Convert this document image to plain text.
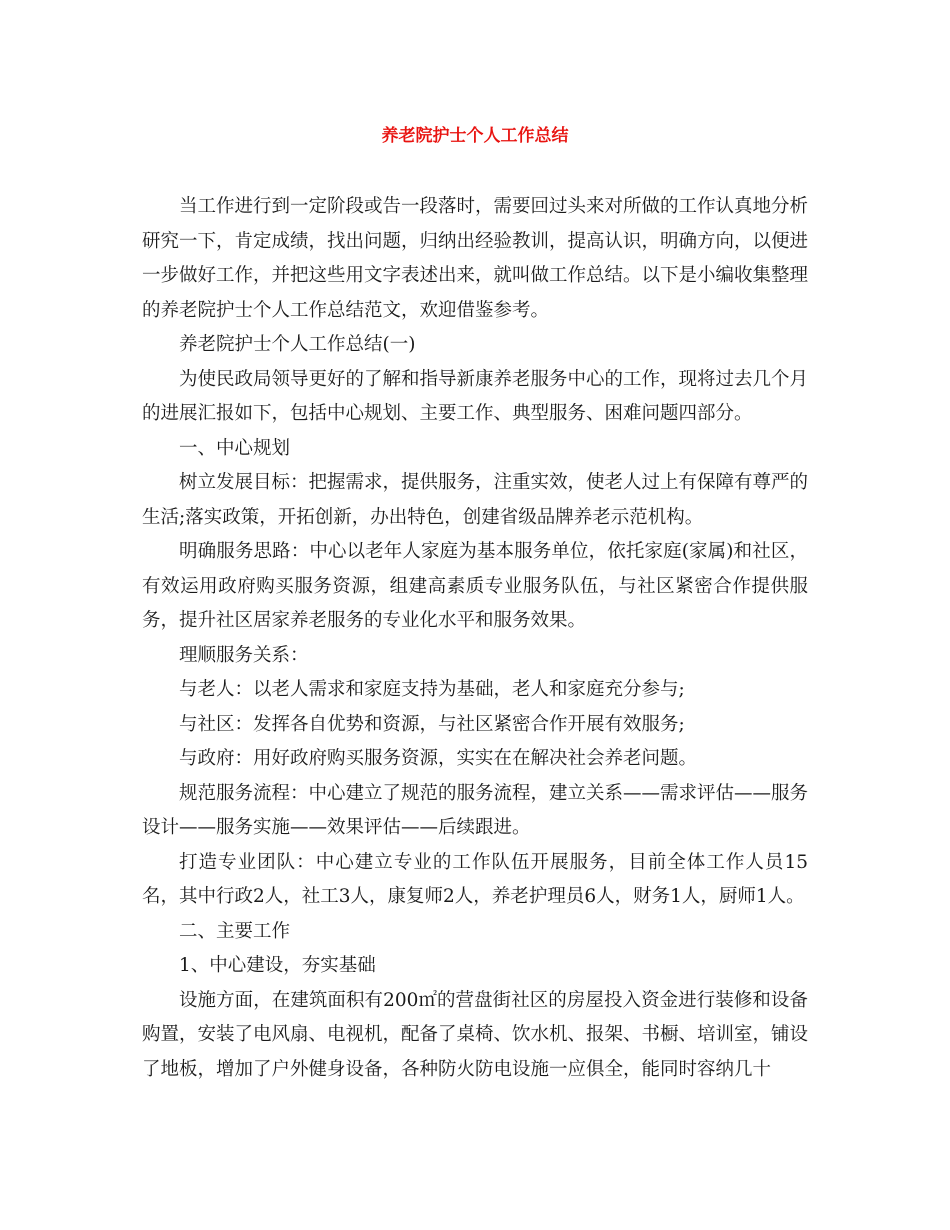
养老院护士个人工作总结

当工作进行到一定阶段或告一段落时，需要回过头来对所做的工作认真地分析研究一下，肯定成绩，找出问题，归纳出经验教训，提高认识，明确方向，以便进一步做好工作，并把这些用文字表述出来，就叫做工作总结。以下是小编收集整理的养老院护士个人工作总结范文，欢迎借鉴参考。

养老院护士个人工作总结(一)

为使民政局领导更好的了解和指导新康养老服务中心的工作，现将过去几个月的进展汇报如下，包括中心规划、主要工作、典型服务、困难问题四部分。

一、中心规划

树立发展目标：把握需求，提供服务，注重实效，使老人过上有保障有尊严的生活;落实政策，开拓创新，办出特色，创建省级品牌养老示范机构。

明确服务思路：中心以老年人家庭为基本服务单位，依托家庭(家属)和社区，有效运用政府购买服务资源，组建高素质专业服务队伍，与社区紧密合作提供服务，提升社区居家养老服务的专业化水平和服务效果。

理顺服务关系：

与老人：以老人需求和家庭支持为基础，老人和家庭充分参与;

与社区：发挥各自优势和资源，与社区紧密合作开展有效服务;

与政府：用好政府购买服务资源，实实在在解决社会养老问题。

规范服务流程：中心建立了规范的服务流程，建立关系——需求评估——服务设计——服务实施——效果评估——后续跟进。

打造专业团队：中心建立专业的工作队伍开展服务，目前全体工作人员15名，其中行政2人，社工3人，康复师2人，养老护理员6人，财务1人，厨师1人。

二、主要工作

1、中心建设，夯实基础

设施方面，在建筑面积有200㎡的营盘街社区的房屋投入资金进行装修和设备购置，安装了电风扇、电视机，配备了桌椅、饮水机、报架、书橱、培训室，铺设了地板，增加了户外健身设备，各种防火防电设施一应俱全，能同时容纳几十
